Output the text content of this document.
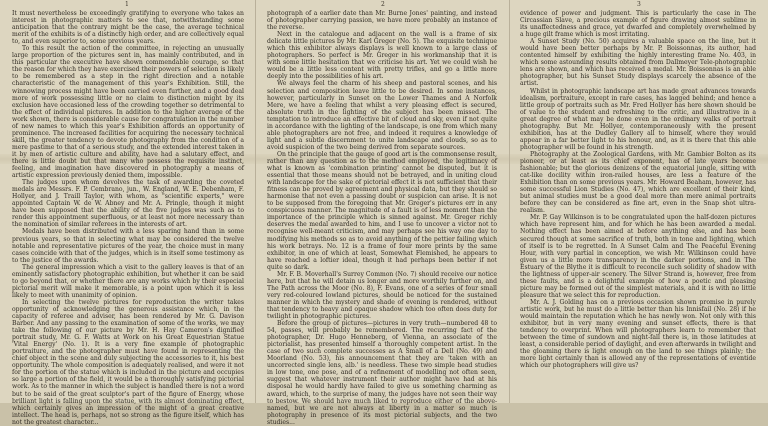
1	2	3

It must nevertheless be exceedingly gratifying to everyone who takes an interest in photographic matters to see that, notwithstanding some anticipation that the contrary might be the case, the average technical merit of the exhibits is of a distinctly high order, and are collectively equal to, and even superior to, some previous years.

To this result the action of the committee, in rejecting an unusually large proportion of the pictures sent in, has mainly contributed, and in this particular the executive have shown commendable courage, so that the reason for which they have exercised their powers of selection is likely to be remembered as a step in the right direction and a notable characteristic of the management of this year's Exhibition. Still, the winnowing process might have been carried even further, and a good deal more of work possessing little or no claim to distinction might by its exclusion have occasioned less of the crowding together so detrimental to the effect of individual pictures. In addition to the higher average of the work shown, there is considerable cause for congratulation in the number of new names to which this year's Exhibition affords an opportunity of prominence. The increased facilities for acquiring the necessary technical skill, the greater tendency to devote photography from the condition of a mere pastime to that of a serious study, and the extended interest taken in it by men of artistic culture and ability, have had a salutary effect, and there is little doubt but that many who possess the requisite instinct, feeling, and imagination have discovered in photography a means of artistic expression previously denied them, impossible.

The judges upon whom devolves the task of awarding the coveted medals are Messrs. F. P. Cembrano, jun., W. England, W. E. Debenham, F. Hollyer, and J. Traill Taylor, with whom, as "scientific experts," were appointed Captain W. de W. Abney and Mr. A. Pringle, though it might have been supposed that the ability of the five judges was such as to render this appointment superfluous, or at least not more necessary than the nomination of similar referees in the interests of art.

Medals have been distributed with a less sparing hand than in some previous years, so that in selecting what may be considered the twelve notable and representative pictures of the year, the choice must in many cases coincide with that of the judges, which is in itself some testimony as to the justice of the awards.

The general impression which a visit to the gallery leaves is that of an eminently satisfactory photographic exhibition, but whether it can be said to go beyond that, or whether there are any works which by their especial pictorial merit will make it memorable, is a point upon which it is less likely to meet with unanimity of opinion.

In selecting the twelve pictures for reproduction the writer takes opportunity of acknowledging the generous assistance which, in the capacity of referee and adviser, has been rendered by Mr. G. Davison Barber. And any passing to the examination of some of the works, we may take the following of our picture by Mr. H. Hay Cameron's dignified portrait study, Mr. G. F. Watts at Work on his Great Equestrian Statue 'Vital Energy' (No. 1). It is a very fine example of photographic portraiture, and the photographer must have found in representing the chief object in the scene and duly subjecting the accessories to it, his best opportunity. The whole composition is adequately realised, and were it not for the portion of the statue which is included in the picture and occupies so large a portion of the field, it would be a thoroughly satisfying pictorial work. As to the manner in which the subject is handled there is not a word but to be said of the great sculptor's part of the figure of Energy, whose brilliant light is falling upon the statue, with its almost dominating effect, which certainly gives an impression of the might of a great creative intellect. The head is, perhaps, not so strong as the figure itself, which has not the greatest character...

photograph of a earlier date than Mr. Burne Jones' painting, and instead of photographer carrying passion, we have more probably an instance of the reverse.

Next in the catalogue and adjacent on the wall is a frame of six delicate little pictures by Mr. Karl Greger (No. 5). The exquisite technique which this exhibitor always displays is well known to a large class of photographers. So perfect is Mr. Greger in his workmanship that it is with some little hesitation that we criticise his art. Yet we could wish he would be a little less content with pretty trifles, and go a little more deeply into the possibilities of his art.

We always feel the charm of his sheep and pastoral scenes, and his selection and composition leave little to be desired. In some instances, however, particularly in Sunset on the Lower Thames and A Norfolk Mere, we have a feeling that whilst a very pleasing effect is secured, absolute truth in the lighting of the subject has been missed. The temptation to introduce an effective bit of cloud and sky, even if not quite in accordance with the lighting of the landscape, is one from which many able photographers are not free, and indeed it requires a knowledge of light and a subtle discernment to unite landscape and clouds, so as to avoid suspicion of the two being derived from separate sources.

On the principle that the gauge of good art is the commonsense result, rather than any question as to the method employed, the legitimacy of what is known as 'combination printing' cannot be disputed, but it is essential that those means should not be betrayed, and in uniting cloud with landscape for the sake of pictorial effect it is not sufficient that their fitness can be proved by agreement and physical data, but they should so harmonise that not even a passing doubt or suspicion can arise. It is not to be supposed from the foregoing that Mr. Greger's pictures err in any conspicuous manner. The magnitude of a fault is of less moment than the importance of the principle which is sinned against. Mr. Greger richly deserves the medal awarded to him, and I use to uncover a victor not to recognise well-meant criticism, and may perhaps see his way one day to modifying his methods so as to avoid anything of the pettier failing which his work betrays. No. 12 is a frame of four more prints by the same exhibitor, in one of which at least, Somewhat Flemished, he appears to have reached a loftier ideal, though it had perhaps been better if not quite so dark.

Mr. F. B. Moverhall's Surrey Common (No. 7) should receive our notice here, but that he will detain us longer and more worthily further on, and The Path across the Moor (No. 8), F. Evans, one of a series of four small very red-coloured lowland pictures, should be noticed for the sustained manner in which the mystery and shade of evening is rendered, without that tendency to heavy and opaque shadow which too often does duty for twilight in photographic pictures.

Before the group of pictures—pictures in very truth—numbered 48 to 54, passes, will probably be remembered. The recurring fact of the photographer, Dr. Hugo Henneberg, of Vienna, an associate of the pictorialist, has presented himself a thoroughly competent artist. In the case of two such complete successes as A Small of a Dell (No. 49) and Moorland (No. 53), his announcement that they are 'taken with an uncorrected single lens, alb.' is needless. These two simple head studies in low tone, one pose, and of a refinement of modelling not often seen, suggest that whatever instrument their author might have had at his disposal he would hardly have failed to give us something charming as award, which, to the surprise of many, the judges have not seen their way to bestow. We should have much liked to reproduce either of the above-named, but we are not always at liberty in a matter so much is photography in presence of its most pictorial subjects, and the two studies...

evidence of power and judgment. This is particularly the case in The Circassian Slave, a precious example of figure drawing almost sublime in its unaffectedness and grace, yet dwarfed and completely overwhelmed by a huge gilt frame which is most irritating.

A Sunset Study (No. 50) acquires a valuable space on the line, but it would have been better perhaps by Mr. P. Boissonnas, its author, had contented himself by exhibiting the highly interesting frame No. 403, in which some astounding results obtained from Dallmeyer Tele-photographic lens are shown, and which has received a medal. Mr. Boissonnas is an able photographer, but his Sunset Study displays scarcely the absence of the artist.

Whilst in photographic landscape art has made great advances towards idealism, portraiture, except in rare cases, has lagged behind; and hence a little group of portraits such as Mr. Fred Hollyer has here shown should be of value to the student and refreshing to the critic, and illustrative in a great degree of what may be done even in the ordinary walks of portrait photography. But Mr. Hollyer, contemporaneously with the present exhibition, has at the Dudley Gallery all to himself, where they would appear in a far better light to his honour, and, as it is there that this able photographer will be found in his strength.

Photography at the Zoological Gardens, with Mr. Gambier Bolton as its pioneer, or at least as its chief exponent, has of late years become fashionable; but the glorious denizens of the equatorial jungle, sitting with cat-like docility within iron-railed houses, are less a feature of the Exhibition than on some previous years. Mr. Howard Beaham, however, has some successful Lion Studies (No. 47), which are excellent of their kind, but animal studies must be a good deal more than mere animal portraits before they can be considered as fine art, even in the Snap shot ultra-realism.

Mr. P. Gay Wilkinson is to be congratulated upon the half-dozen pictures which have represent him, and for which he has been awarded a medal. Nothing effect has been aimed at before anything else, and has been secured though at some sacrifice of truth, both in tone and lighting, which of itself is to be regretted. In A Sunset Calm and The Peaceful Evening Hour, with very partial in conception, we wish Mr. Wilkinson could have given us a little more transparency in the darker portions, and in The Estuary of the Blythe it is difficult to reconcile such solidity of shadow with the lightness of upper-air scenery. The Silver Strand is, however, free from these faults, and is a delightful example of how a poetic and pleasing picture may be formed out of the simplest materials, and it is with no little pleasure that we select this for reproduction.

Mr. A. J. Golding has on a previous occasion shown promise in purely artistic work, but he must do a little better than his Innisfail (No. 28) if he would maintain the reputation which he has newly won. Not only with this exhibitor, but in very many evening and sunset effects, there is that tendency to overprint. When will photographers learn to remember that between the time of sundown and night-fall there is, in those latitudes at least, a considerable period of daylight, and even afterwards in twilight and the gloaming there is light enough on the land to see things plainly; the more light certainly than is allowed any of the representations of eventide which our photographers will give us?
